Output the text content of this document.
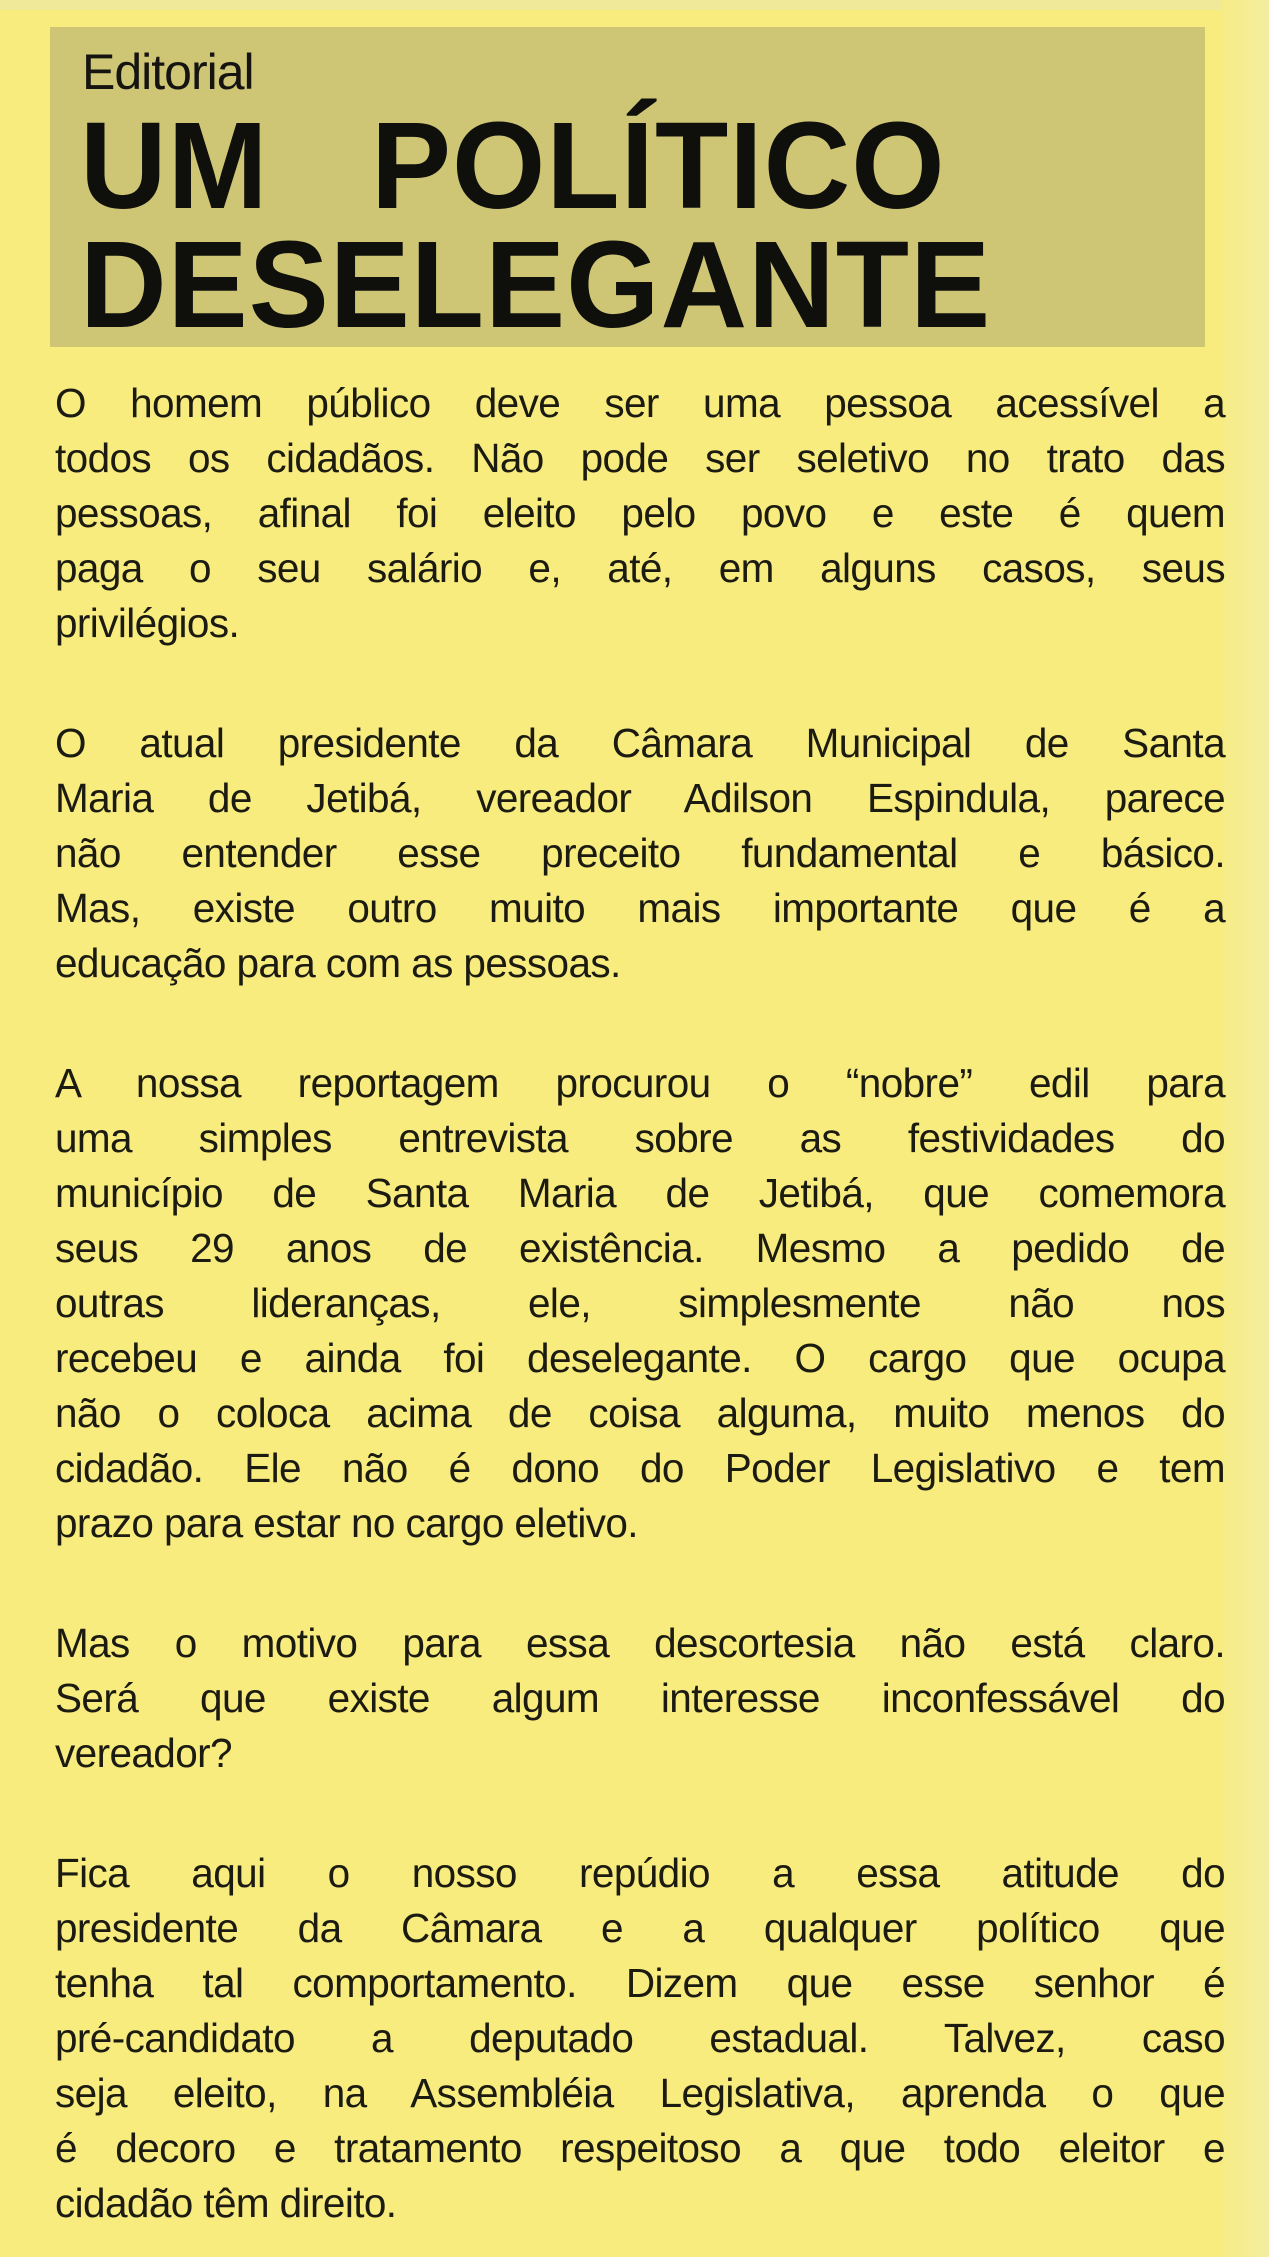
Editorial
UM POLÍTICO
DESELEGANTE

O homem público deve ser uma pessoa acessível a
todos os cidadãos. Não pode ser seletivo no trato das
pessoas, afinal foi eleito pelo povo e este é quem
paga o seu salário e, até, em alguns casos, seus
privilégios.

O atual presidente da Câmara Municipal de Santa
Maria de Jetibá, vereador Adilson Espindula, parece
não entender esse preceito fundamental e básico.
Mas, existe outro muito mais importante que é a
educação para com as pessoas.

A nossa reportagem procurou o “nobre” edil para
uma simples entrevista sobre as festividades do
município de Santa Maria de Jetibá, que comemora
seus 29 anos de existência. Mesmo a pedido de
outras lideranças, ele, simplesmente não nos
recebeu e ainda foi deselegante. O cargo que ocupa
não o coloca acima de coisa alguma, muito menos do
cidadão. Ele não é dono do Poder Legislativo e tem
prazo para estar no cargo eletivo.

Mas o motivo para essa descortesia não está claro.
Será que existe algum interesse inconfessável do
vereador?

Fica aqui o nosso repúdio a essa atitude do
presidente da Câmara e a qualquer político que
tenha tal comportamento. Dizem que esse senhor é
pré-candidato a deputado estadual. Talvez, caso
seja eleito, na Assembléia Legislativa, aprenda o que
é decoro e tratamento respeitoso a que todo eleitor e
cidadão têm direito.
